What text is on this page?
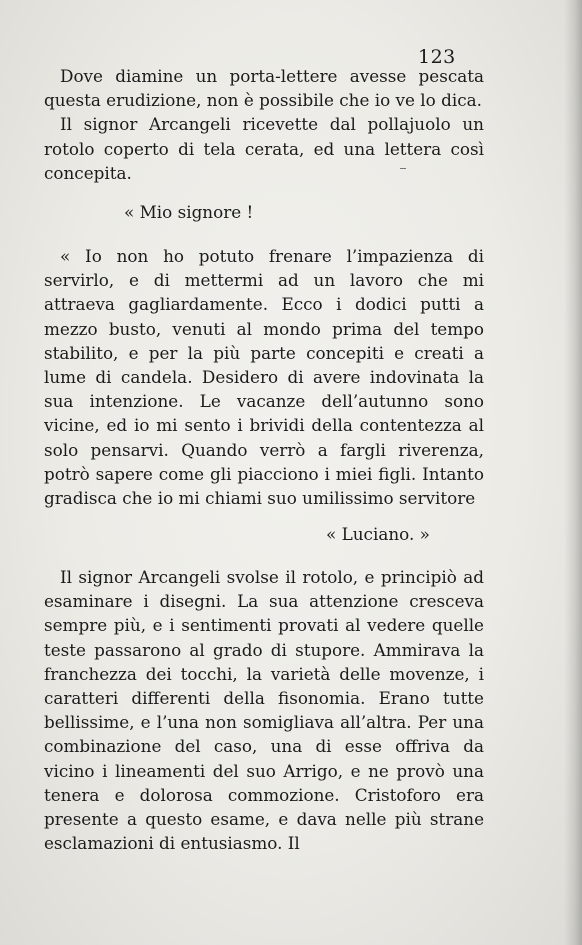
123

Dove diamine un porta-lettere avesse pescata questa erudizione, non è possibile che io ve lo dica.

Il signor Arcangeli ricevette dal pollajuolo un rotolo coperto di tela cerata, ed una lettera così concepita.

« Mio signore !

« Io non ho potuto frenare l’impazienza di servirlo, e di mettermi ad un lavoro che mi attraeva gagliardamente. Ecco i dodici putti a mezzo busto, venuti al mondo prima del tempo stabilito, e per la più parte concepiti e creati a lume di candela. Desidero di avere indovinata la sua intenzione. Le vacanze dell’autunno sono vicine, ed io mi sento i brividi della contentezza al solo pensarvi. Quando verrò a fargli riverenza, potrò sapere come gli piacciono i miei figli. Intanto gradisca che io mi chiami suo umilissimo servitore

« Luciano. »

Il signor Arcangeli svolse il rotolo, e principiò ad esaminare i disegni. La sua attenzione cresceva sempre più, e i sentimenti provati al vedere quelle teste passarono al grado di stupore. Ammirava la franchezza dei tocchi, la varietà delle movenze, i caratteri differenti della fisonomia. Erano tutte bellissime, e l’una non somigliava all’altra. Per una combinazione del caso, una di esse offriva da vicino i lineamenti del suo Arrigo, e ne provò una tenera e dolorosa commozione. Cristoforo era presente a questo esame, e dava nelle più strane esclamazioni di entusiasmo. Il
